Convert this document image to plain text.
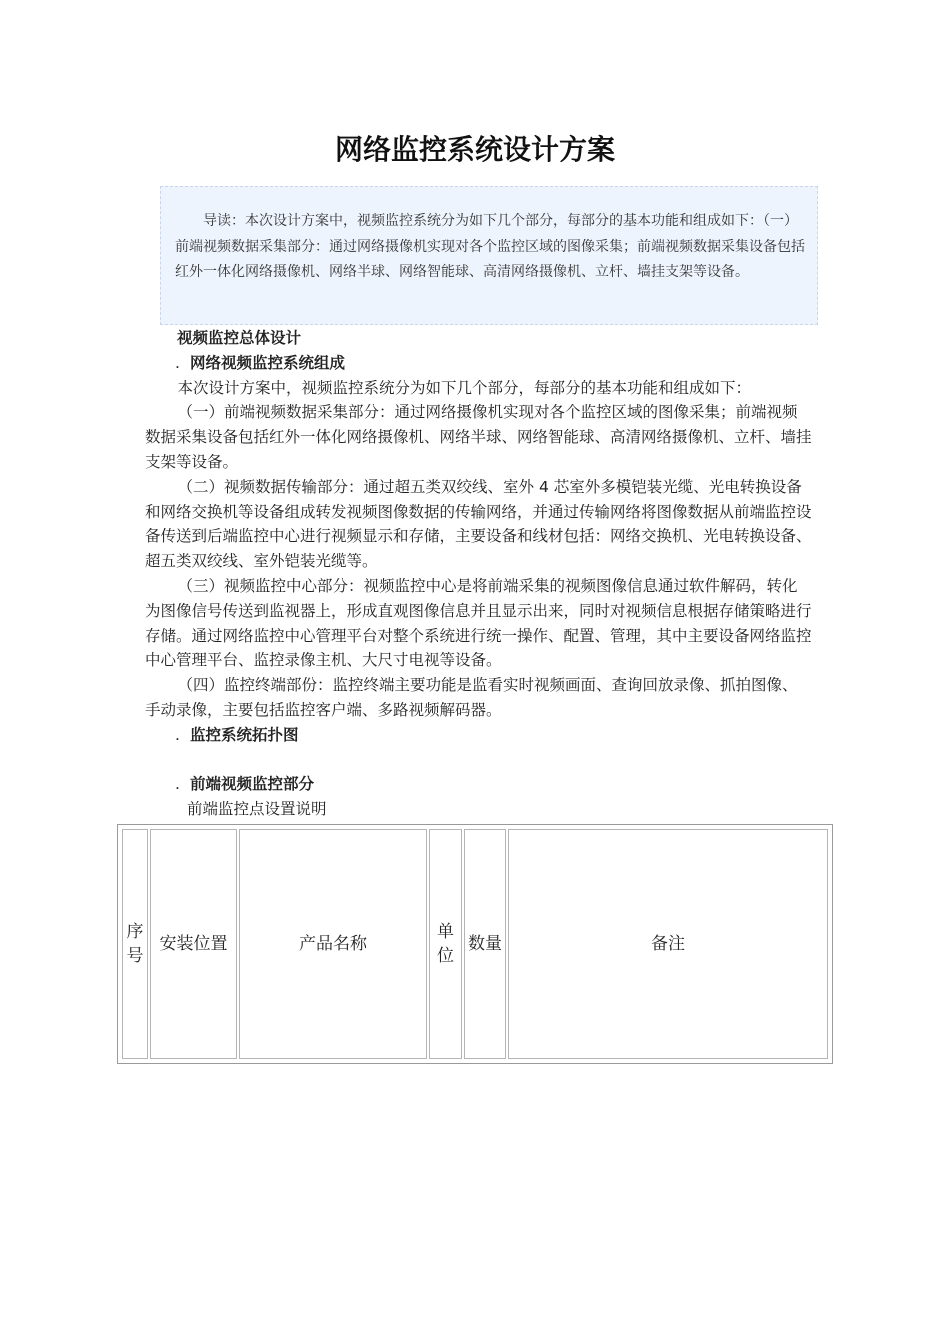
网络监控系统设计方案

导读：本次设计方案中，视频监控系统分为如下几个部分，每部分的基本功能和组成如下：（一）前端视频数据采集部分：通过网络摄像机实现对各个监控区域的图像采集；前端视频数据采集设备包括红外一体化网络摄像机、网络半球、网络智能球、高清网络摄像机、立杆、墙挂支架等设备。

视频监控总体设计

. 网络视频监控系统组成

本次设计方案中，视频监控系统分为如下几个部分，每部分的基本功能和组成如下：

（一）前端视频数据采集部分：通过网络摄像机实现对各个监控区域的图像采集；前端视频数据采集设备包括红外一体化网络摄像机、网络半球、网络智能球、高清网络摄像机、立杆、墙挂支架等设备。

（二）视频数据传输部分：通过超五类双绞线、室外 4 芯室外多模铠装光缆、光电转换设备和网络交换机等设备组成转发视频图像数据的传输网络，并通过传输网络将图像数据从前端监控设备传送到后端监控中心进行视频显示和存储，主要设备和线材包括：网络交换机、光电转换设备、超五类双绞线、室外铠装光缆等。

（三）视频监控中心部分：视频监控中心是将前端采集的视频图像信息通过软件解码，转化为图像信号传送到监视器上，形成直观图像信息并且显示出来，同时对视频信息根据存储策略进行存储。通过网络监控中心管理平台对整个系统进行统一操作、配置、管理，其中主要设备网络监控中心管理平台、监控录像主机、大尺寸电视等设备。

（四）监控终端部份：监控终端主要功能是监看实时视频画面、查询回放录像、抓拍图像、手动录像，主要包括监控客户端、多路视频解码器。

. 监控系统拓扑图

. 前端视频监控部分

前端监控点设置说明

序号	安装位置	产品名称	单位	数量	备注
